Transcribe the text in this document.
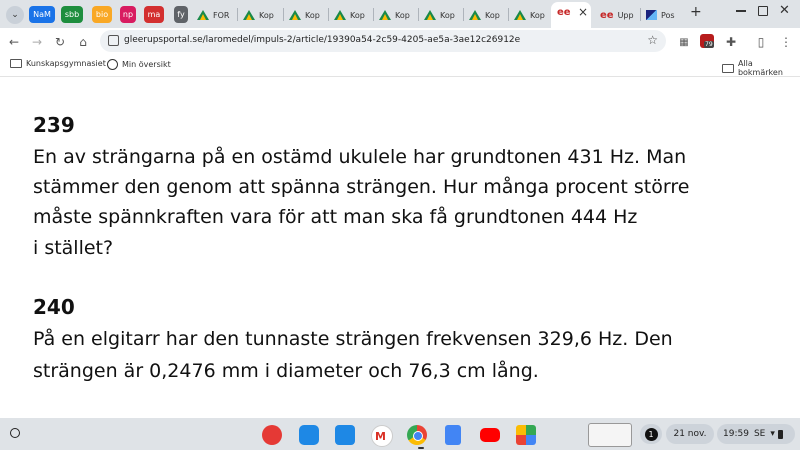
⌄	NaM	sbb	bio	np	ma	fy	FOR	Kop	Kop	Kop	Kop	Kop	Kop	Kop ee × ee Upp	Pos +	✕
← → ↻	⌂	gleerupsportal.se/laromedel/impuls-2/article/19390a54-2c59-4205-ae5a-3ae12c26912e	☆	▦	79 ✚	▯	⋮
Kunskapsgymnasiet Min översikt	Alla bokmärken
239
En av strängarna på en ostämd ukulele har grundtonen 431 Hz. Man
stämmer den genom att spänna strängen. Hur många procent större
måste spännkraften vara för att man ska få grundtonen 444 Hz
i stället?
240
På en elgitarr har den tunnaste strängen frekvensen 329,6 Hz. Den
strängen är 0,2476 mm i diameter och 76,3 cm lång.
M	1	21 nov.	19:59 SE ▾
